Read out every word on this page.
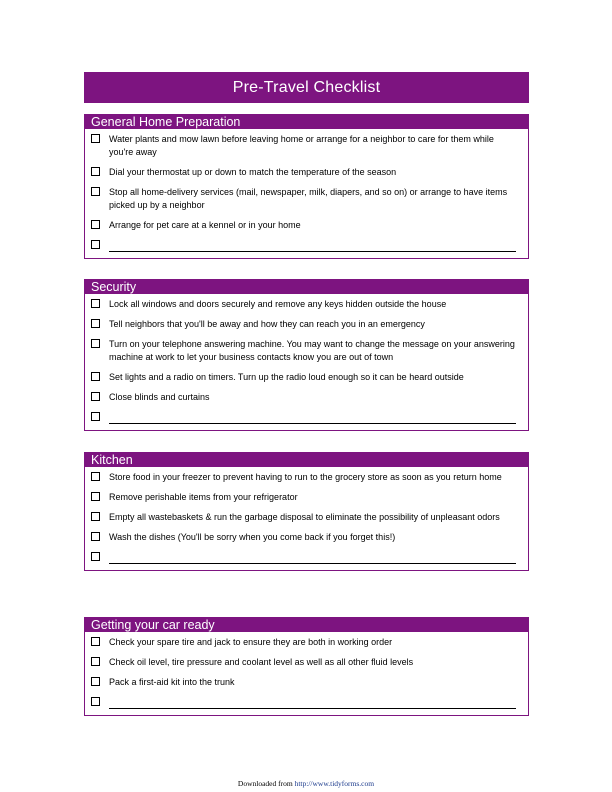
Pre-Travel Checklist
General Home Preparation
Water plants and mow lawn before leaving home or arrange for a neighbor to care for them while you're away
Dial your thermostat up or down to match the temperature of the season
Stop all home-delivery services (mail, newspaper, milk, diapers, and so on) or arrange to have items picked up by a neighbor
Arrange for pet care at a kennel or in your home
Security
Lock all windows and doors securely and remove any keys hidden outside the house
Tell neighbors that you'll be away and how they can reach you in an emergency
Turn on your telephone answering machine. You may want to change the message on your answering machine at work to let your business contacts know you are out of town
Set lights and a radio on timers. Turn up the radio loud enough so it can be heard outside
Close blinds and curtains
Kitchen
Store food in your freezer to prevent having to run to the grocery store as soon as you return home
Remove perishable items from your refrigerator
Empty all wastebaskets & run the garbage disposal to eliminate the possibility of unpleasant odors
Wash the dishes (You'll be sorry when you come back if you forget this!)
Getting your car ready
Check your spare tire and jack to ensure they are both in working order
Check oil level, tire pressure and coolant level as well as all other fluid levels
Pack a first-aid kit into the trunk
Downloaded from http://www.tidyforms.com
